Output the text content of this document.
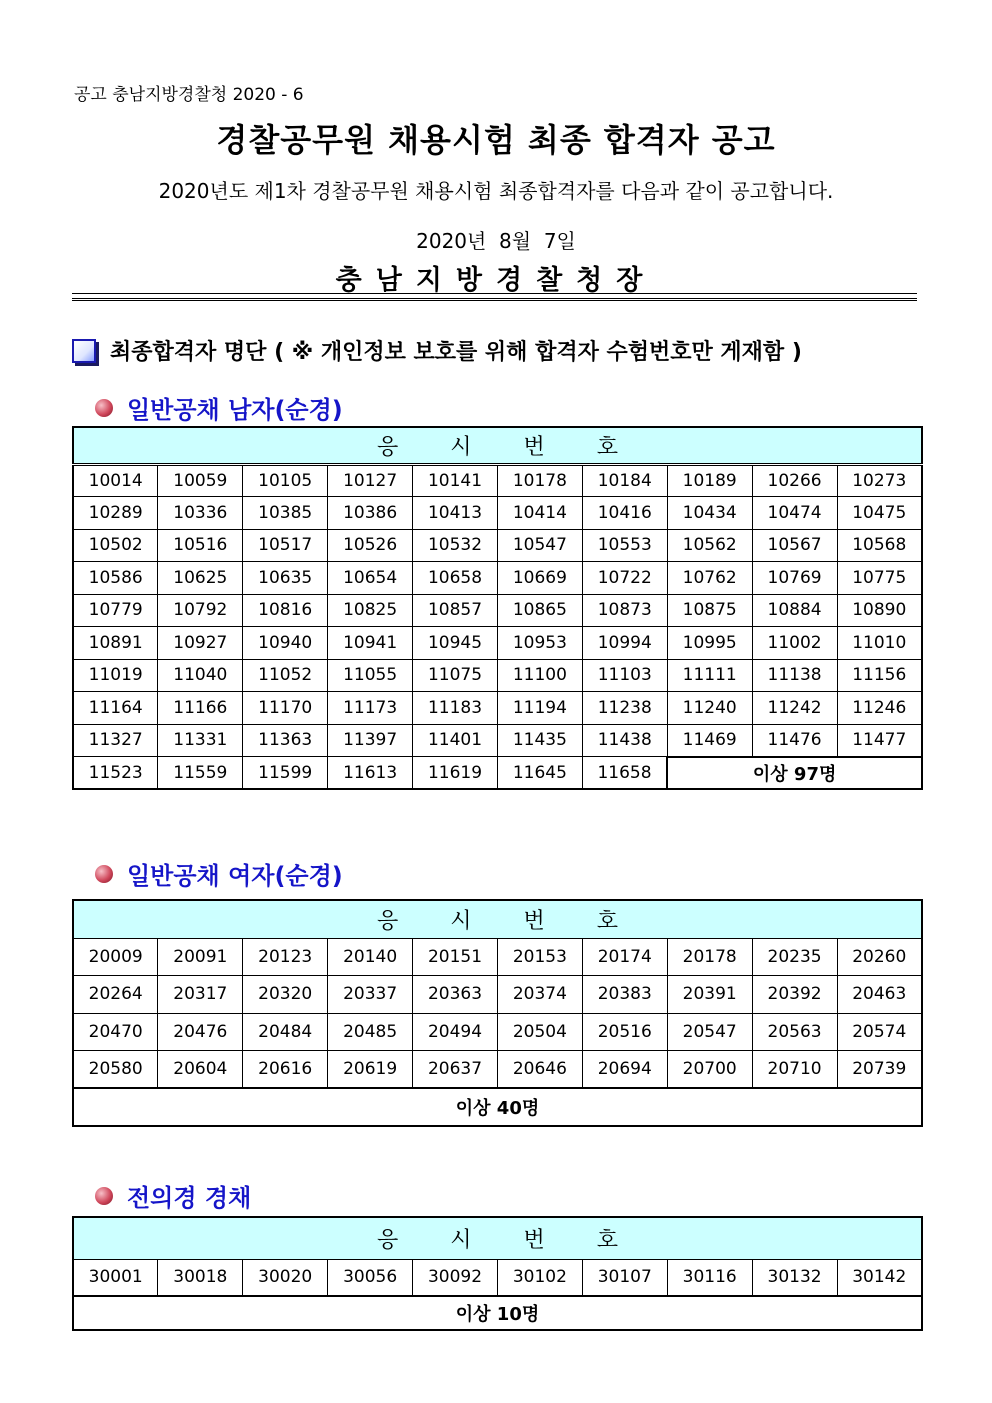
공고 충남지방경찰청 2020 - 6
경찰공무원 채용시험 최종 합격자 공고
2020년도 제1차 경찰공무원 채용시험 최종합격자를 다음과 같이 공고합니다.
2020년  8월  7일
충남지방경찰청장
최종합격자 명단 ( ※ 개인정보 보호를 위해 합격자 수험번호만 게재함 )
일반공채 남자(순경)
응시번호									
10014	10059	10105	10127	10141	10178	10184	10189	10266	10273
10289	10336	10385	10386	10413	10414	10416	10434	10474	10475
10502	10516	10517	10526	10532	10547	10553	10562	10567	10568
10586	10625	10635	10654	10658	10669	10722	10762	10769	10775
10779	10792	10816	10825	10857	10865	10873	10875	10884	10890
10891	10927	10940	10941	10945	10953	10994	10995	11002	11010
11019	11040	11052	11055	11075	11100	11103	11111	11138	11156
11164	11166	11170	11173	11183	11194	11238	11240	11242	11246
11327	11331	11363	11397	11401	11435	11438	11469	11476	11477
11523	11559	11599	11613	11619	11645	11658	이상 97명		
일반공채 여자(순경)
응시번호									
20009	20091	20123	20140	20151	20153	20174	20178	20235	20260
20264	20317	20320	20337	20363	20374	20383	20391	20392	20463
20470	20476	20484	20485	20494	20504	20516	20547	20563	20574
20580	20604	20616	20619	20637	20646	20694	20700	20710	20739
이상 40명									
전의경 경채
응시번호
30001	30018	30020	30056	30092	30102	30107	30116	30132	30142
이상 10명
